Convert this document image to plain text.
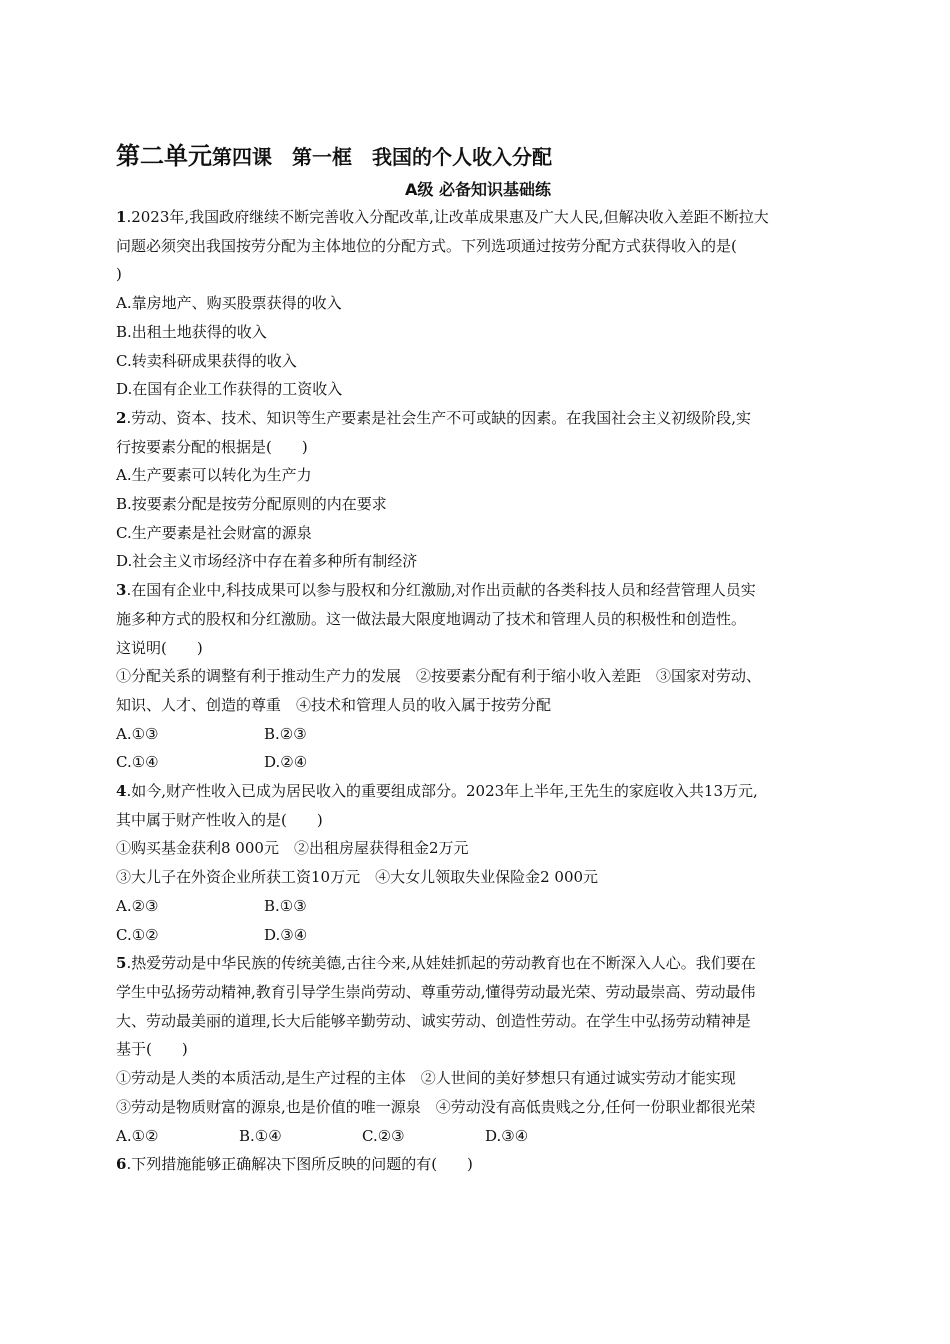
第二单元第四课　第一框　我国的个人收入分配
A级 必备知识基础练
1.2023年,我国政府继续不断完善收入分配改革,让改革成果惠及广大人民,但解决收入差距不断拉大
问题必须突出我国按劳分配为主体地位的分配方式。下列选项通过按劳分配方式获得收入的是(
)
A.靠房地产、购买股票获得的收入
B.出租土地获得的收入
C.转卖科研成果获得的收入
D.在国有企业工作获得的工资收入
2.劳动、资本、技术、知识等生产要素是社会生产不可或缺的因素。在我国社会主义初级阶段,实
行按要素分配的根据是(　　)
A.生产要素可以转化为生产力
B.按要素分配是按劳分配原则的内在要求
C.生产要素是社会财富的源泉
D.社会主义市场经济中存在着多种所有制经济
3.在国有企业中,科技成果可以参与股权和分红激励,对作出贡献的各类科技人员和经营管理人员实
施多种方式的股权和分红激励。这一做法最大限度地调动了技术和管理人员的积极性和创造性。
这说明(　　)
①分配关系的调整有利于推动生产力的发展　②按要素分配有利于缩小收入差距　③国家对劳动、
知识、人才、创造的尊重　④技术和管理人员的收入属于按劳分配
A.①③	B.②③
C.①④	D.②④
4.如今,财产性收入已成为居民收入的重要组成部分。2023年上半年,王先生的家庭收入共13万元,
其中属于财产性收入的是(　　)
①购买基金获利8 000元　②出租房屋获得租金2万元
③大儿子在外资企业所获工资10万元　④大女儿领取失业保险金2 000元
A.②③	B.①③
C.①②	D.③④
5.热爱劳动是中华民族的传统美德,古往今来,从娃娃抓起的劳动教育也在不断深入人心。我们要在
学生中弘扬劳动精神,教育引导学生崇尚劳动、尊重劳动,懂得劳动最光荣、劳动最崇高、劳动最伟
大、劳动最美丽的道理,长大后能够辛勤劳动、诚实劳动、创造性劳动。在学生中弘扬劳动精神是
基于(　　)
①劳动是人类的本质活动,是生产过程的主体　②人世间的美好梦想只有通过诚实劳动才能实现
③劳动是物质财富的源泉,也是价值的唯一源泉　④劳动没有高低贵贱之分,任何一份职业都很光荣
A.①②	B.①④	C.②③	D.③④
6.下列措施能够正确解决下图所反映的问题的有(　　)
